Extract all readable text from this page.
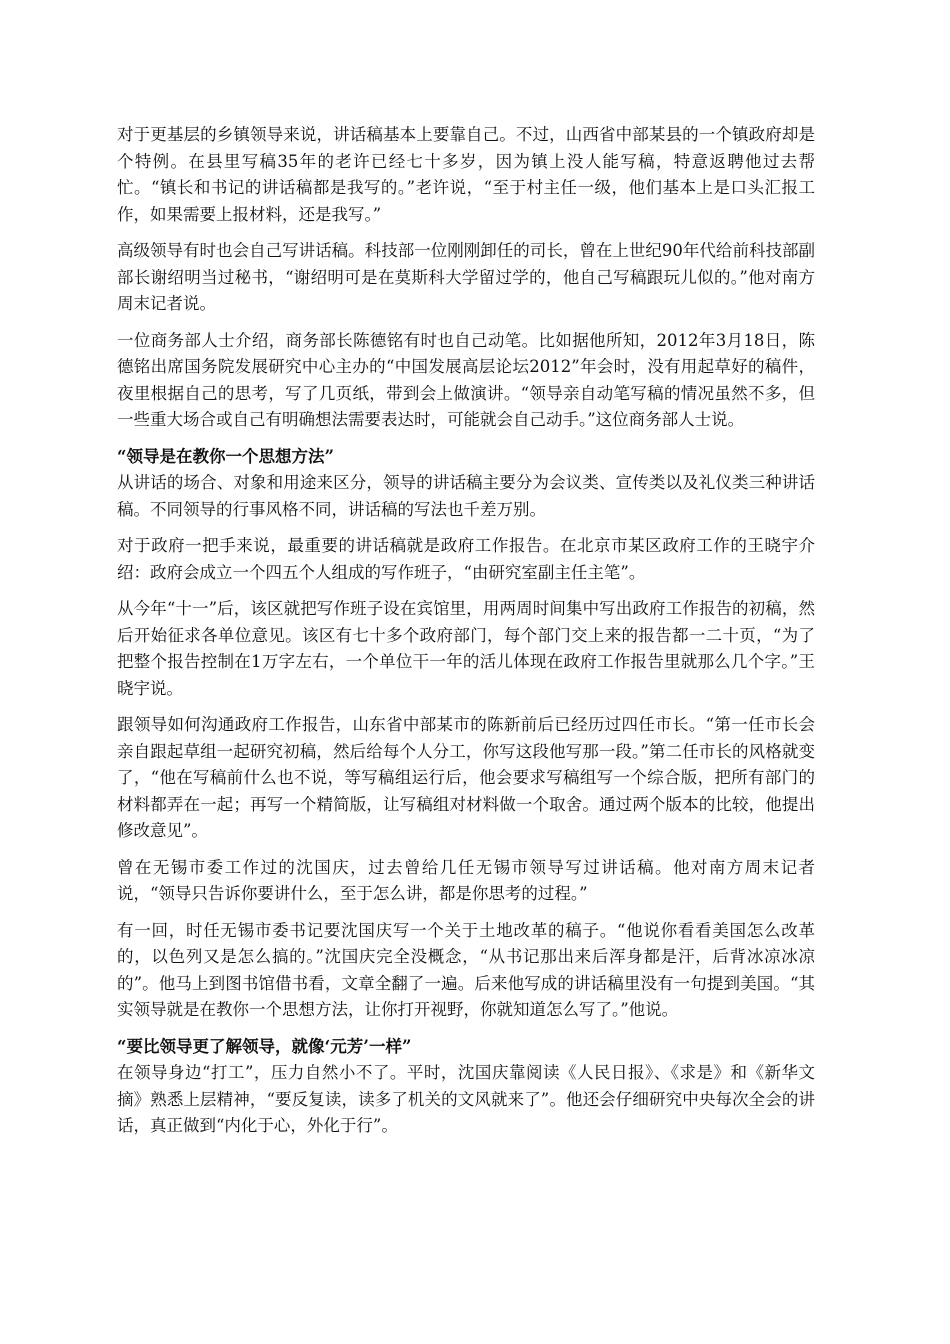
对于更基层的乡镇领导来说，讲话稿基本上要靠自己。不过，山西省中部某县的一个镇政府却是个特例。在县里写稿35年的老许已经七十多岁，因为镇上没人能写稿，特意返聘他过去帮忙。“镇长和书记的讲话稿都是我写的。”老许说，“至于村主任一级，他们基本上是口头汇报工作，如果需要上报材料，还是我写。”

高级领导有时也会自己写讲话稿。科技部一位刚刚卸任的司长，曾在上世纪90年代给前科技部副部长谢绍明当过秘书，“谢绍明可是在莫斯科大学留过学的，他自己写稿跟玩儿似的。”他对南方周末记者说。

一位商务部人士介绍，商务部长陈德铭有时也自己动笔。比如据他所知，2012年3月18日，陈德铭出席国务院发展研究中心主办的“中国发展高层论坛2012”年会时，没有用起草好的稿件，夜里根据自己的思考，写了几页纸，带到会上做演讲。“领导亲自动笔写稿的情况虽然不多，但一些重大场合或自己有明确想法需要表达时，可能就会自己动手。”这位商务部人士说。

“领导是在教你一个思想方法”

从讲话的场合、对象和用途来区分，领导的讲话稿主要分为会议类、宣传类以及礼仪类三种讲话稿。不同领导的行事风格不同，讲话稿的写法也千差万别。

对于政府一把手来说，最重要的讲话稿就是政府工作报告。在北京市某区政府工作的王晓宇介绍：政府会成立一个四五个人组成的写作班子，“由研究室副主任主笔”。

从今年“十一”后，该区就把写作班子设在宾馆里，用两周时间集中写出政府工作报告的初稿，然后开始征求各单位意见。该区有七十多个政府部门，每个部门交上来的报告都一二十页，“为了把整个报告控制在1万字左右，一个单位干一年的活儿体现在政府工作报告里就那么几个字。”王晓宇说。

跟领导如何沟通政府工作报告，山东省中部某市的陈新前后已经历过四任市长。“第一任市长会亲自跟起草组一起研究初稿，然后给每个人分工，你写这段他写那一段。”第二任市长的风格就变了，“他在写稿前什么也不说，等写稿组运行后，他会要求写稿组写一个综合版，把所有部门的材料都弄在一起；再写一个精简版，让写稿组对材料做一个取舍。通过两个版本的比较，他提出修改意见”。

曾在无锡市委工作过的沈国庆，过去曾给几任无锡市领导写过讲话稿。他对南方周末记者说，“领导只告诉你要讲什么，至于怎么讲，都是你思考的过程。”

有一回，时任无锡市委书记要沈国庆写一个关于土地改革的稿子。“他说你看看美国怎么改革的，以色列又是怎么搞的。”沈国庆完全没概念，“从书记那出来后浑身都是汗，后背冰凉冰凉的”。他马上到图书馆借书看，文章全翻了一遍。后来他写成的讲话稿里没有一句提到美国。“其实领导就是在教你一个思想方法，让你打开视野，你就知道怎么写了。”他说。

“要比领导更了解领导，就像‘元芳’一样”

在领导身边“打工”，压力自然小不了。平时，沈国庆靠阅读《人民日报》、《求是》和《新华文摘》熟悉上层精神，“要反复读，读多了机关的文风就来了”。他还会仔细研究中央每次全会的讲话，真正做到“内化于心，外化于行”。
